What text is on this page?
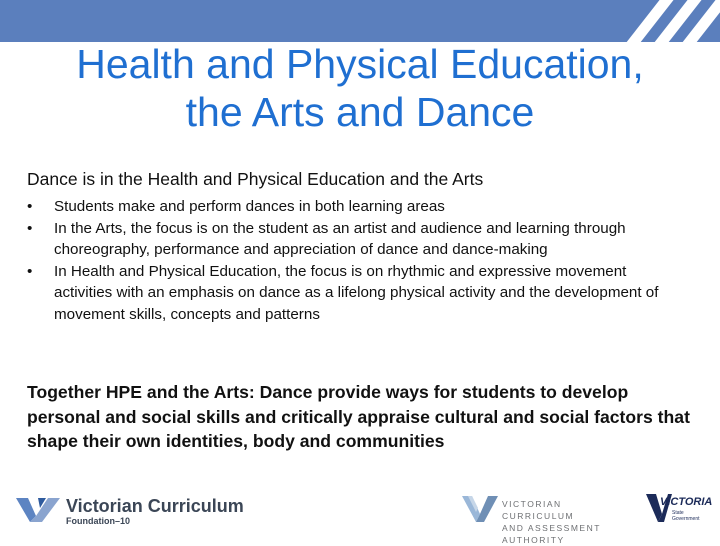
Health and Physical Education,
the Arts and Dance
Dance is in the Health and Physical Education and the Arts
• Students make and perform dances in both learning areas
• In the Arts, the focus is on the student as an artist and audience and learning through choreography, performance and appreciation of dance and dance-making
• In Health and Physical Education, the focus is on rhythmic and expressive movement activities with an emphasis on dance as a lifelong physical activity and the development of movement skills, concepts and patterns
Together HPE and the Arts: Dance provide ways for students to develop personal and social skills and critically appraise cultural and social factors that shape their own identities, body and communities
Victorian Curriculum
Foundation–10
VICTORIAN CURRICULUM
AND ASSESSMENT AUTHORITY
VICTORIA
State
Government
